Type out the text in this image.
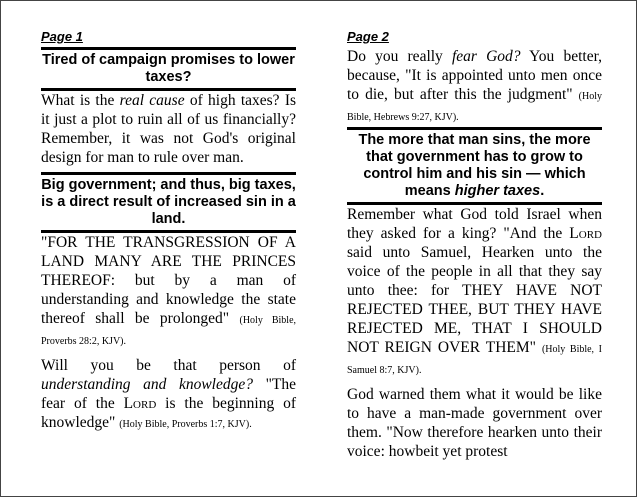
Page 1
Tired of campaign promises to lower taxes?

What is the real cause of high taxes? Is it just a plot to ruin all of us financially? Remember, it was not God's original design for man to rule over man.

Big government; and thus, big taxes, is a direct result of increased sin in a land.

"FOR THE TRANSGRESSION OF A LAND MANY ARE THE PRINCES THEREOF: but by a man of understanding and knowledge the state thereof shall be prolonged" (Holy Bible, Proverbs 28:2, KJV).

Will you be that person of understanding and knowledge? "The fear of the Lord is the beginning of knowledge" (Holy Bible, Proverbs 1:7, KJV).

Page 2

Do you really fear God? You better, because, "It is appointed unto men once to die, but after this the judgment" (Holy Bible, Hebrews 9:27, KJV).

The more that man sins, the more that government has to grow to control him and his sin — which means higher taxes.

Remember what God told Israel when they asked for a king? "And the Lord said unto Samuel, Hearken unto the voice of the people in all that they say unto thee: for THEY HAVE NOT REJECTED THEE, BUT THEY HAVE REJECTED ME, THAT I SHOULD NOT REIGN OVER THEM" (Holy Bible, I Samuel 8:7, KJV).

God warned them what it would be like to have a man-made government over them. "Now therefore hearken unto their voice: howbeit yet protest
